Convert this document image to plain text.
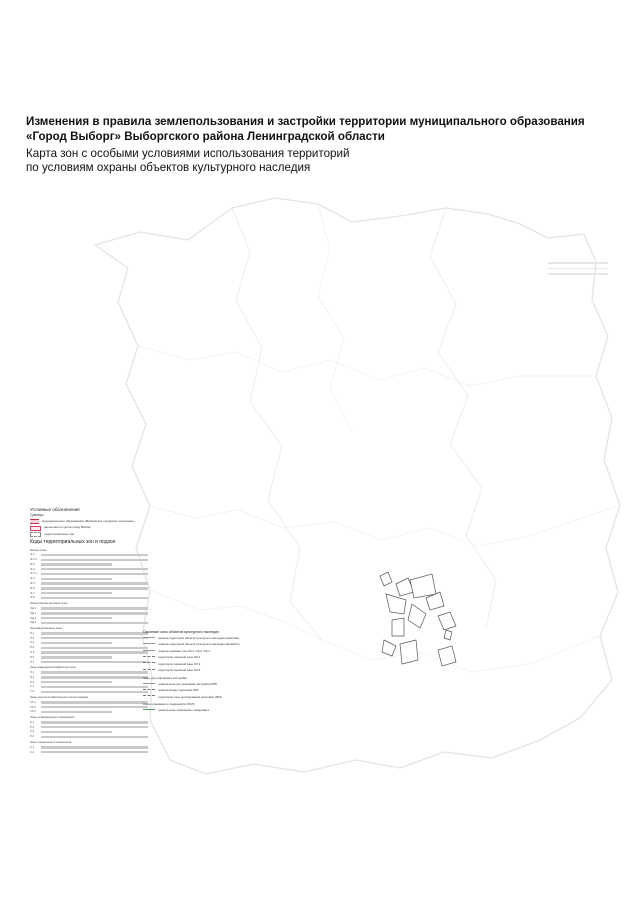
Изменения в правила землепользования и застройки территории муниципального образования
«Город Выборг» Выборгского района Ленинградской области

Карта зон с особыми условиями использования территорий
по условиям охраны объектов культурного наследия

Условные обозначения
Границы
муниципального образования «Выборгское городское поселение»
населенного пункта город Выборг
территориальных зон
Коды территориальных зон и подзон
Жилые зоны
Ж-1
Ж-1.1
Ж-2
Ж-3
Ж-3.1
Ж-4
Ж-5
Ж-6
Ж-7
Ж-8
Общественно-деловые зоны
ОД-1
ОД-2
ОД-3
ОД-4
Производственные зоны
П-1
П-2
П-3
П-4
П-5
П-6
П-7
Зоны инженерной инфраструктуры
И-1
И-2
И-3
Т-1
Т-2
Зоны сельскохозяйственного использования
СХ-1
СХ-2
СХ-3
Зоны рекреационного назначения
Р-1
Р-2
Р-3
Р-4
Зоны специального назначения
С-1
С-2
Охранные зоны объектов культурного наследия
граница территории объекта культурного наследия (памятник)
граница территории объекта культурного наследия (ансамбль)
граница охранных зон ОЗ-1, ОЗ-2, ОЗ-3
территория охранной зоны ОЗ-1
территория охранной зоны ОЗ-2
территория охранной зоны ОЗ-3
Зоны регулирования застройки
граница зоны регулирования застройки (ЗРЗ)
граница между подзонами ЗРЗ
территория зоны регулирования застройки (ЗРЗ)
Зона охраняемого ландшафта (ЗОЛ)
граница зоны охраняемого ландшафта
